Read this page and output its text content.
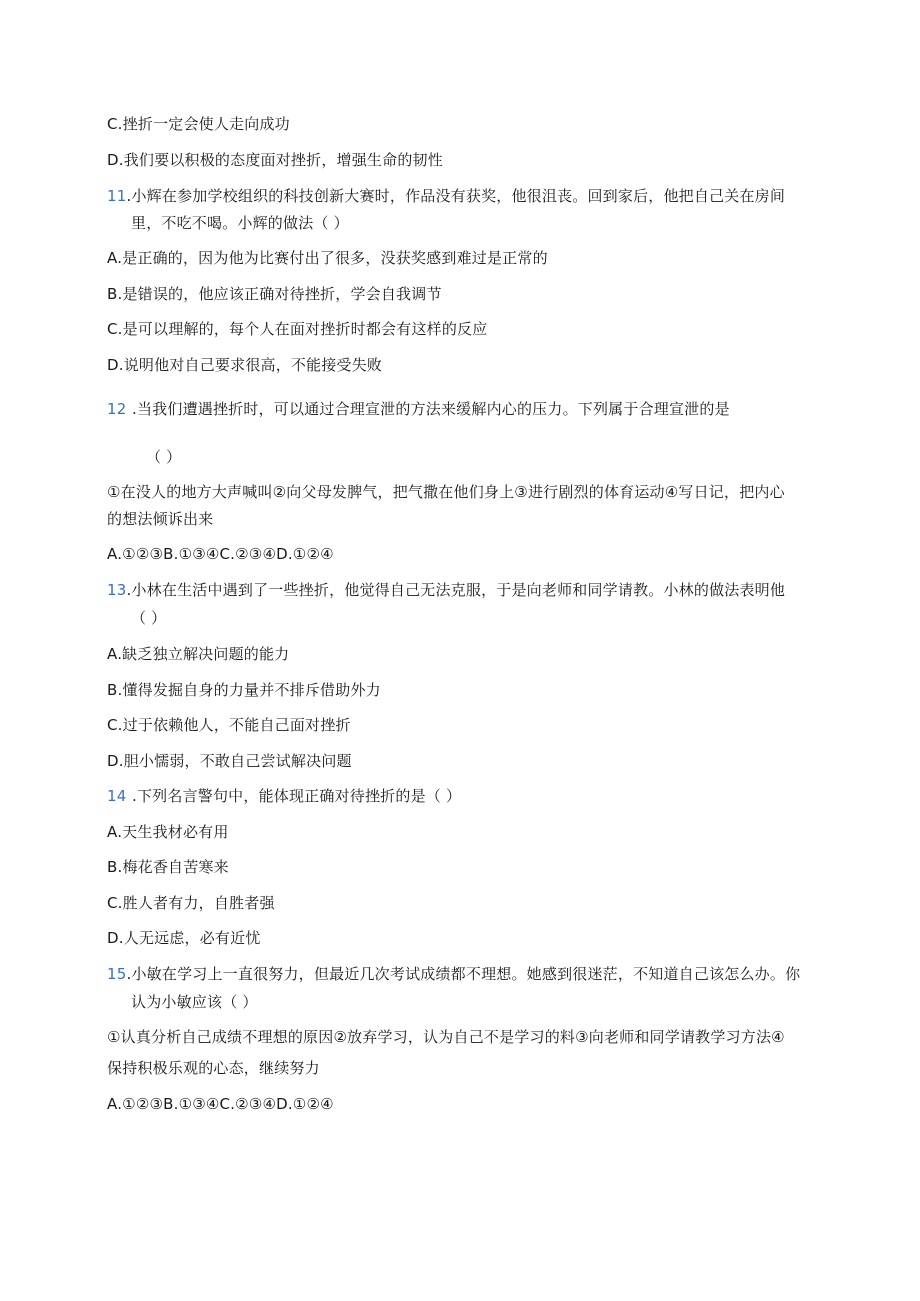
C.挫折一定会使人走向成功
D.我们要以积极的态度面对挫折，增强生命的韧性
11.小辉在参加学校组织的科技创新大赛时，作品没有获奖，他很沮丧。回到家后，他把自己关在房间
里，不吃不喝。小辉的做法（ ）
A.是正确的，因为他为比赛付出了很多，没获奖感到难过是正常的
B.是错误的，他应该正确对待挫折，学会自我调节
C.是可以理解的，每个人在面对挫折时都会有这样的反应
D.说明他对自己要求很高，不能接受失败
12 .当我们遭遇挫折时，可以通过合理宣泄的方法来缓解内心的压力。下列属于合理宣泄的是
（ ）
①在没人的地方大声喊叫②向父母发脾气，把气撒在他们身上③进行剧烈的体育运动④写日记，把内心
的想法倾诉出来
A.①②③B.①③④C.②③④D.①②④
13.小林在生活中遇到了一些挫折，他觉得自己无法克服，于是向老师和同学请教。小林的做法表明他
（ ）
A.缺乏独立解决问题的能力
B.懂得发掘自身的力量并不排斥借助外力
C.过于依赖他人，不能自己面对挫折
D.胆小懦弱，不敢自己尝试解决问题
14 .下列名言警句中，能体现正确对待挫折的是（ ）
A.天生我材必有用
B.梅花香自苦寒来
C.胜人者有力，自胜者强
D.人无远虑，必有近忧
15.小敏在学习上一直很努力，但最近几次考试成绩都不理想。她感到很迷茫，不知道自己该怎么办。你
认为小敏应该（ ）
①认真分析自己成绩不理想的原因②放弃学习，认为自己不是学习的料③向老师和同学请教学习方法④
保持积极乐观的心态，继续努力
A.①②③B.①③④C.②③④D.①②④
